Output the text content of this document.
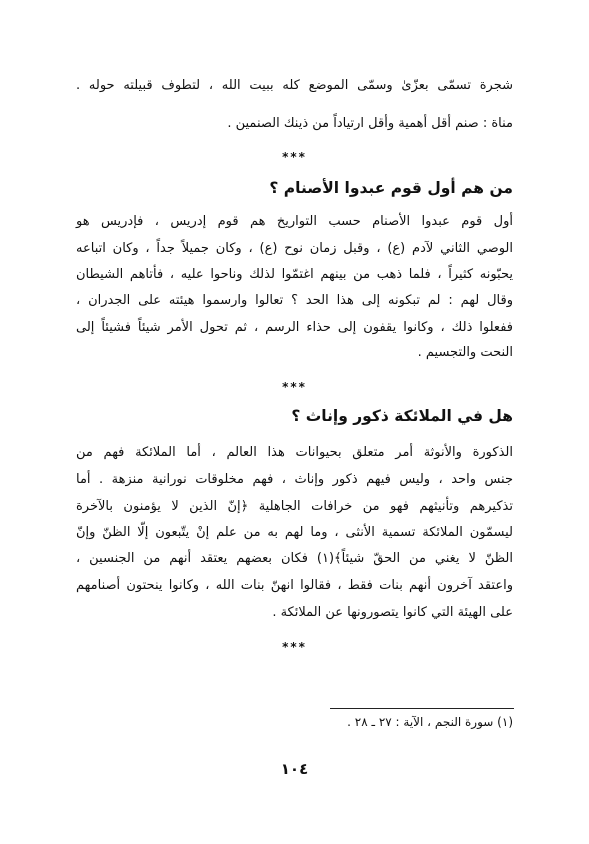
شجرة تسمّى بعزّىٰ وسمّى الموضع كله ببيت الله ، لتطوف قبيلته حوله .
مناة : صنم أقل أهمية وأقل ارتياداً من ذينك الصنمين .
***
من هم أول قوم عبدوا الأصنام ؟
أول قوم عبدوا الأصنام حسب التواريخ هم قوم إدريس ، فإدريس هو
الوصي الثاني لآدم (ع) ، وقبل زمان نوح (ع) ، وكان جميلاً جداً ، وكان اتباعه
يحبّونه كثيراً ، فلما ذهب من بينهم اغتمّوا لذلك وناحوا عليه ، فأتاهم الشيطان
وقال لهم : لم تبكونه إلى هذا الحد ؟ تعالوا وارسموا هيئته على الجدران ،
ففعلوا ذلك ، وكانوا يقفون إلى حذاء الرسم ، ثم تحول الأمر شيئاً فشيئاً إلى
النحت والتجسيم .
***
هل في الملائكة ذكور وإناث ؟
الذكورة والأنوثة أمر متعلق بحيوانات هذا العالم ، أما الملائكة فهم من
جنس واحد ، وليس فيهم ذكور وإناث ، فهم مخلوقات نورانية منزهة . أما
تذكيرهم وتأنيثهم فهو من خرافات الجاهلية ﴿إنّ الذين لا يؤمنون بالآخرة
ليسمّون الملائكة تسمية الأنثى ، وما لهم به من علم إنْ يتّبعون إلّا الظنّ وإنّ
الظنّ لا يغني من الحقّ شيئاً﴾(١) فكان بعضهم يعتقد أنهم من الجنسين ،
واعتقد آخرون أنهم بنات فقط ، فقالوا انهنّ بنات الله ، وكانوا ينحتون أصنامهم
على الهيئة التي كانوا يتصورونها عن الملائكة .
***
(١) سورة النجم ، الآية : ٢٧ ـ ٢٨ .
١٠٤
